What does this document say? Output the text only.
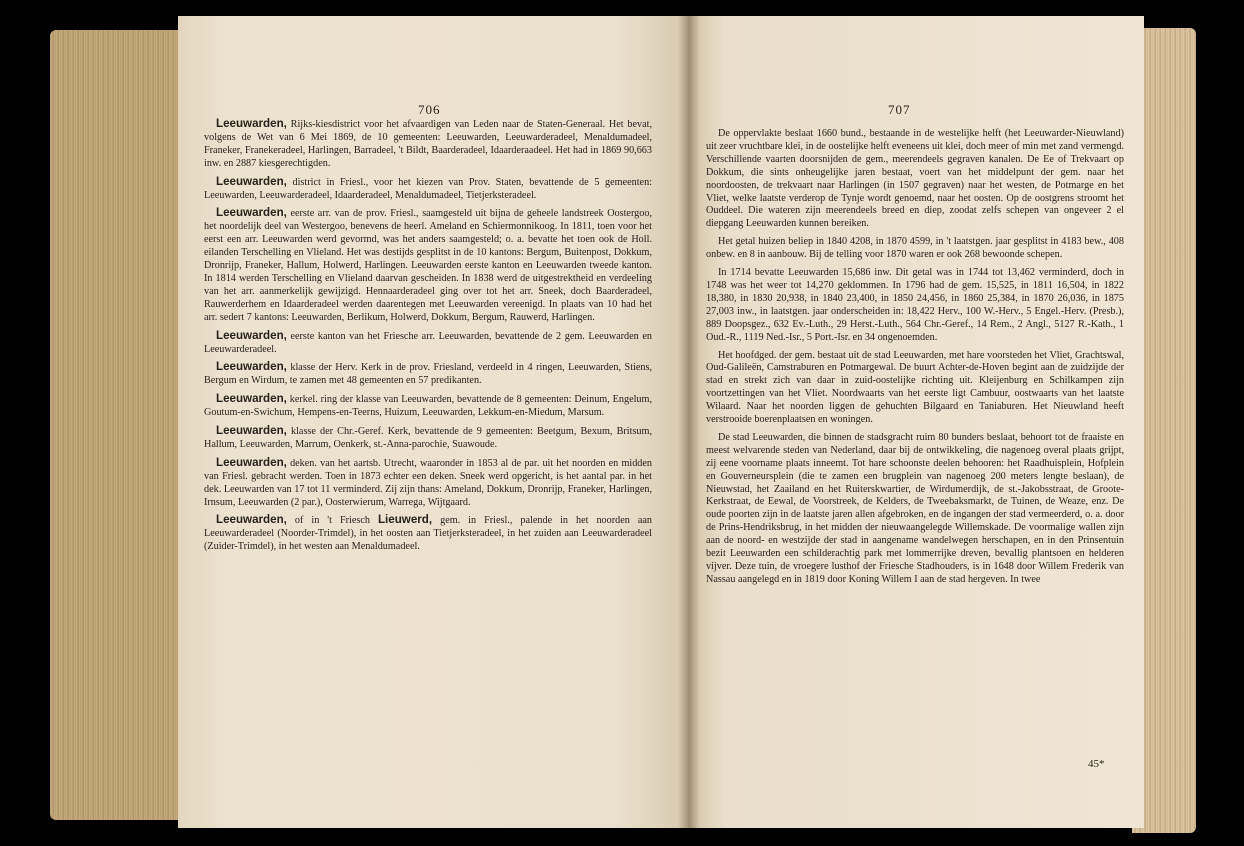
706

Leeuwarden, Rijks-kiesdistrict voor het afvaardigen van Leden naar de Staten-Generaal. Het bevat, volgens de Wet van 6 Mei 1869, de 10 gemeenten: Leeuwarden, Leeuwarderadeel, Menaldumadeel, Franeker, Franekeradeel, Harlingen, Barradeel, 't Bildt, Baarderadeel, Idaarderaadeel. Het had in 1869 90,663 inw. en 2887 kiesgerechtigden.

Leeuwarden, district in Friesl., voor het kiezen van Prov. Staten, bevattende de 5 gemeenten: Leeuwarden, Leeuwarderadeel, Idaarderadeel, Menaldumadeel, Tietjerksteradeel.

Leeuwarden, eerste arr. van de prov. Friesl., saamgesteld uit bijna de geheele landstreek Oostergoo, het noordelijk deel van Westergoo, benevens de heerl. Ameland en Schiermonnikoog. In 1811, toen voor het eerst een arr. Leeuwarden werd gevormd, was het anders saamgesteld; o. a. bevatte het toen ook de Holl. eilanden Terschelling en Vlieland. Het was destijds gesplitst in de 10 kantons: Bergum, Buitenpost, Dokkum, Dronrijp, Franeker, Hallum, Holwerd, Harlingen. Leeuwarden eerste kanton en Leeuwarden tweede kanton. In 1814 werden Terschelling en Vlieland daarvan gescheiden. In 1838 werd de uitgestrektheid en verdeeling van het arr. aanmerkelijk gewijzigd. Hennaarderadeel ging over tot het arr. Sneek, doch Baarderadeel, Rauwerderhem en Idaarderadeel werden daarentegen met Leeuwarden vereenigd. In plaats van 10 had het arr. sedert 7 kantons: Leeuwarden, Berlikum, Holwerd, Dokkum, Bergum, Rauwerd, Harlingen.

Leeuwarden, eerste kanton van het Friesche arr. Leeuwarden, bevattende de 2 gem. Leeuwarden en Leeuwarderadeel.

Leeuwarden, klasse der Herv. Kerk in de prov. Friesland, verdeeld in 4 ringen, Leeuwarden, Stiens, Bergum en Wirdum, te zamen met 48 gemeenten en 57 predikanten.

Leeuwarden, kerkel. ring der klasse van Leeuwarden, bevattende de 8 gemeenten: Deinum, Engelum, Goutum-en-Swichum, Hempens-en-Teerns, Huizum, Leeuwarden, Lekkum-en-Miedum, Marsum.

Leeuwarden, klasse der Chr.-Geref. Kerk, bevattende de 9 gemeenten: Beetgum, Bexum, Britsum, Hallum, Leeuwarden, Marrum, Oenkerk, st.-Anna-parochie, Suawoude.

Leeuwarden, deken. van het aartsb. Utrecht, waaronder in 1853 al de par. uit het noorden en midden van Friesl. gebracht werden. Toen in 1873 echter een deken. Sneek werd opgericht, is het aantal par. in het dek. Leeuwarden van 17 tot 11 verminderd. Zij zijn thans: Ameland, Dokkum, Dronrijp, Franeker, Harlingen, Irnsum, Leeuwarden (2 par.), Oosterwierum, Warrega, Wijtgaard.

Leeuwarden, of in 't Friesch Lieuwerd, gem. in Friesl., palende in het noorden aan Leeuwarderadeel (Noorder-Trimdel), in het oosten aan Tietjerksteradeel, in het zuiden aan Leeuwarderadeel (Zuider-Trimdel), in het westen aan Menaldumadeel.

707

De oppervlakte beslaat 1660 bund., bestaande in de westelijke helft (het Leeuwarder-Nieuwland) uit zeer vruchtbare klei, in de oostelijke helft eveneens uit klei, doch meer of min met zand vermengd. Verschillende vaarten doorsnijden de gem., meerendeels gegraven kanalen. De Ee of Trekvaart op Dokkum, die sints onheugelijke jaren bestaat, voert van het middelpunt der gem. naar het noordoosten, de trekvaart naar Harlingen (in 1507 gegraven) naar het westen, de Potmarge en het Vliet, welke laatste verderop de Tynje wordt genoemd, naar het oosten. Op de oostgrens stroomt het Ouddeel. Die wateren zijn meerendeels breed en diep, zoodat zelfs schepen van ongeveer 2 el diepgang Leeuwarden kunnen bereiken.

Het getal huizen beliep in 1840 4208, in 1870 4599, in 't laatstgen. jaar gesplitst in 4183 bew., 408 onbew. en 8 in aanbouw. Bij de telling voor 1870 waren er ook 268 bewoonde schepen.

In 1714 bevatte Leeuwarden 15,686 inw. Dit getal was in 1744 tot 13,462 verminderd, doch in 1748 was het weer tot 14,270 geklommen. In 1796 had de gem. 15,525, in 1811 16,504, in 1822 18,380, in 1830 20,938, in 1840 23,400, in 1850 24,456, in 1860 25,384, in 1870 26,036, in 1875 27,003 inw., in laatstgen. jaar onderscheiden in: 18,422 Herv., 100 W.-Herv., 5 Engel.-Herv. (Presb.), 889 Doopsgez., 632 Ev.-Luth., 29 Herst.-Luth., 564 Chr.-Geref., 14 Rem., 2 Angl., 5127 R.-Kath., 1 Oud.-R., 1119 Ned.-Isr., 5 Port.-Isr. en 34 ongenoemden.

Het hoofdged. der gem. bestaat uit de stad Leeuwarden, met hare voorsteden het Vliet, Grachtswal, Oud-Galileën, Camstraburen en Potmargewal. De buurt Achter-de-Hoven begint aan de zuidzijde der stad en strekt zich van daar in zuid-oostelijke richting uit. Kleijenburg en Schilkampen zijn voortzettingen van het Vliet. Noordwaarts van het eerste ligt Cambuur, oostwaarts van het laatste Wilaard. Naar het noorden liggen de gehuchten Bilgaard en Taniaburen. Het Nieuwland heeft verstrooide boerenplaatsen en woningen.

De stad Leeuwarden, die binnen de stadsgracht ruim 80 bunders beslaat, behoort tot de fraaiste en meest welvarende steden van Nederland, daar bij de ontwikkeling, die nagenoeg overal plaats grijpt, zij eene voorname plaats inneemt. Tot hare schoonste deelen behooren: het Raadhuisplein, Hofplein en Gouverneursplein (die te zamen een brugplein van nagenoeg 200 meters lengte beslaan), de Nieuwstad, het Zaailand en het Ruiterskwartier, de Wirdumerdijk, de st.-Jakobsstraat, de Groote-Kerkstraat, de Eewal, de Voorstreek, de Kelders, de Tweebaksmarkt, de Tuinen, de Weaze, enz. De oude poorten zijn in de laatste jaren allen afgebroken, en de ingangen der stad vermeerderd, o. a. door de Prins-Hendriksbrug, in het midden der nieuwaangelegde Willemskade. De voormalige wallen zijn aan de noord- en westzijde der stad in aangename wandelwegen herschapen, en in den Prinsentuin bezit Leeuwarden een schilderachtig park met lommerrijke dreven, bevallig plantsoen en helderen vijver. Deze tuin, de vroegere lusthof der Friesche Stadhouders, is in 1648 door Willem Frederik van Nassau aangelegd en in 1819 door Koning Willem I aan de stad hergeven. In twee

45*
